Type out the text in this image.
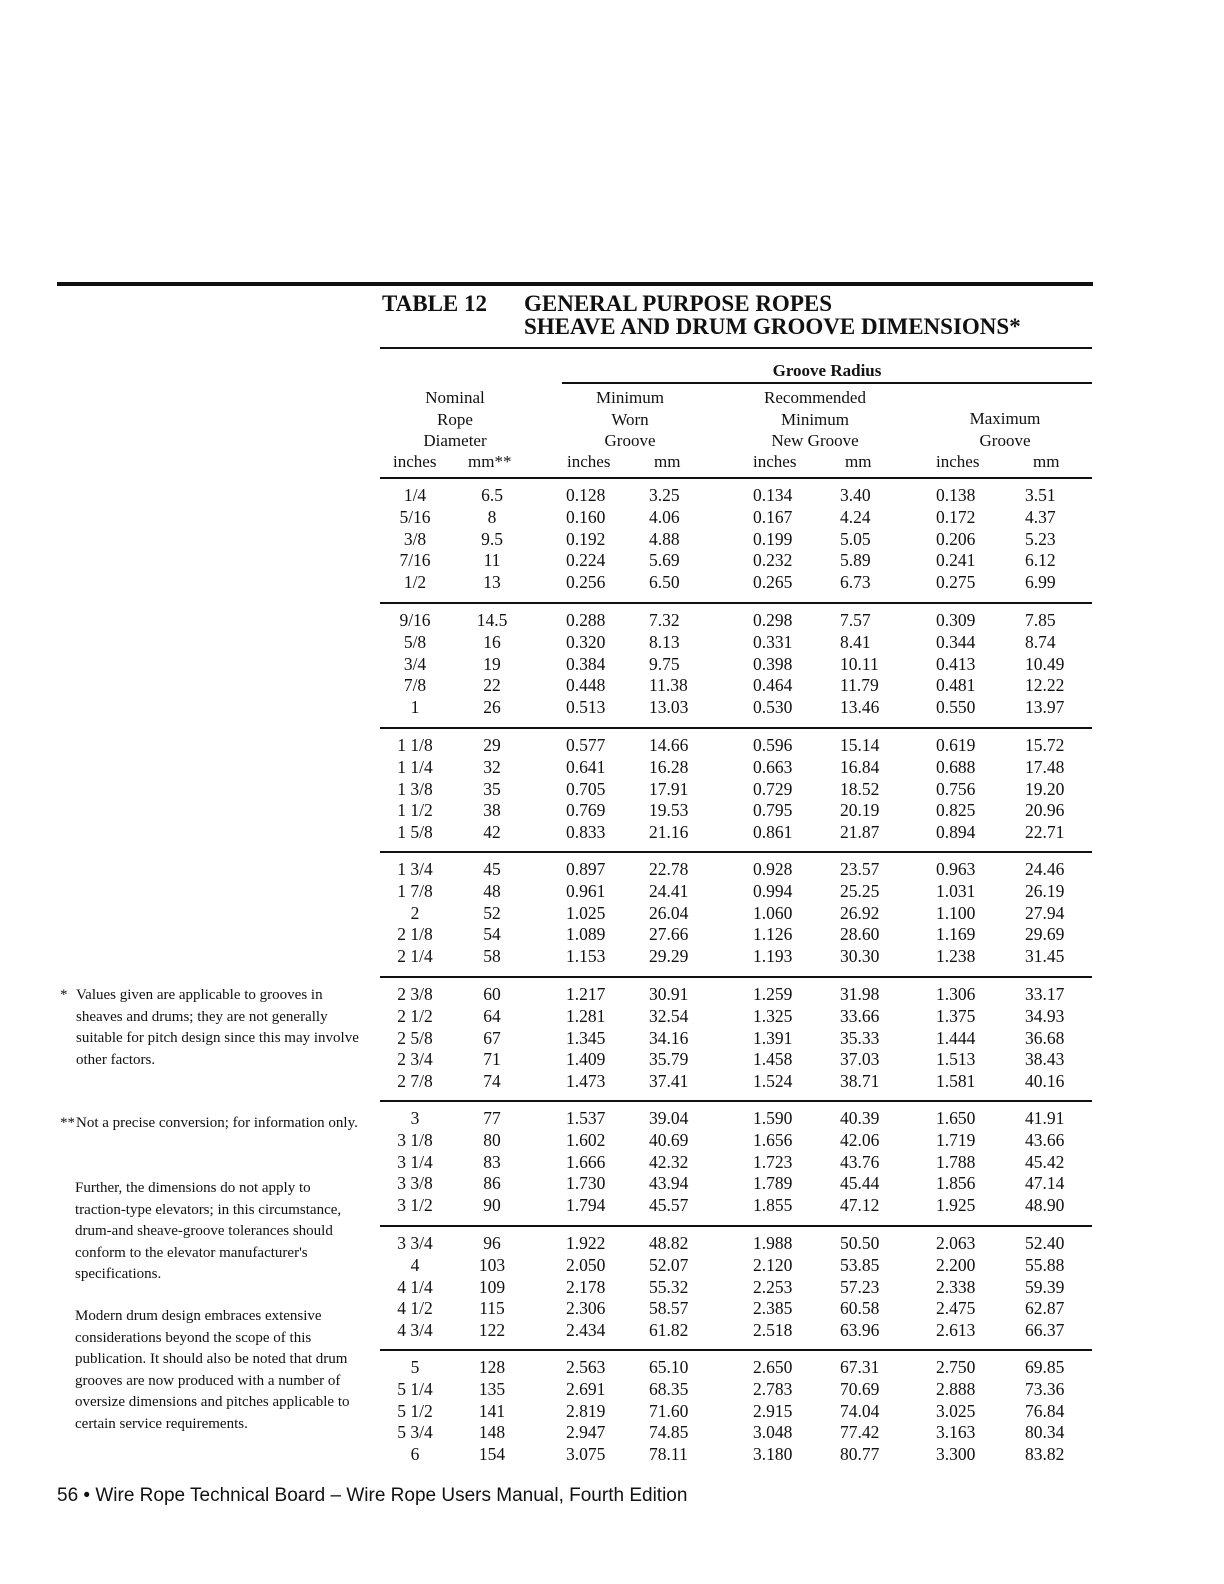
TABLE 12 GENERAL PURPOSE ROPES
SHEAVE AND DRUM GROOVE DIMENSIONS*
Groove Radius
Nominal
Rope
Diameter
Minimum
Worn
Groove
Recommended
Minimum
New Groove
Maximum
Groove
inches mm**	inches	mm	inches	mm	inches	mm
1/4	6.5	0.128	3.25	0.134	3.40	0.138	3.51
5/16	8	0.160	4.06	0.167	4.24	0.172	4.37
3/8	9.5	0.192	4.88	0.199	5.05	0.206	5.23
7/16	11	0.224	5.69	0.232	5.89	0.241	6.12
1/2	13	0.256	6.50	0.265	6.73	0.275	6.99
9/16	14.5	0.288	7.32	0.298	7.57	0.309	7.85
5/8	16	0.320	8.13	0.331	8.41	0.344	8.74
3/4	19	0.384	9.75	0.398	10.11	0.413	10.49
7/8	22	0.448	11.38	0.464	11.79	0.481	12.22
1	26	0.513	13.03	0.530	13.46	0.550	13.97
1 1/8	29	0.577	14.66	0.596	15.14	0.619	15.72
1 1/4	32	0.641	16.28	0.663	16.84	0.688	17.48
1 3/8	35	0.705	17.91	0.729	18.52	0.756	19.20
1 1/2	38	0.769	19.53	0.795	20.19	0.825	20.96
1 5/8	42	0.833	21.16	0.861	21.87	0.894	22.71
1 3/4	45	0.897	22.78	0.928	23.57	0.963	24.46
1 7/8	48	0.961	24.41	0.994	25.25	1.031	26.19
2	52	1.025	26.04	1.060	26.92	1.100	27.94
2 1/8	54	1.089	27.66	1.126	28.60	1.169	29.69
2 1/4	58	1.153	29.29	1.193	30.30	1.238	31.45
2 3/8	60	1.217	30.91	1.259	31.98	1.306	33.17
2 1/2	64	1.281	32.54	1.325	33.66	1.375	34.93
2 5/8	67	1.345	34.16	1.391	35.33	1.444	36.68
2 3/4	71	1.409	35.79	1.458	37.03	1.513	38.43
2 7/8	74	1.473	37.41	1.524	38.71	1.581	40.16
3	77	1.537	39.04	1.590	40.39	1.650	41.91
3 1/8	80	1.602	40.69	1.656	42.06	1.719	43.66
3 1/4	83	1.666	42.32	1.723	43.76	1.788	45.42
3 3/8	86	1.730	43.94	1.789	45.44	1.856	47.14
3 1/2	90	1.794	45.57	1.855	47.12	1.925	48.90
3 3/4	96	1.922	48.82	1.988	50.50	2.063	52.40
4	103	2.050	52.07	2.120	53.85	2.200	55.88
4 1/4	109	2.178	55.32	2.253	57.23	2.338	59.39
4 1/2	115	2.306	58.57	2.385	60.58	2.475	62.87
4 3/4	122	2.434	61.82	2.518	63.96	2.613	66.37
5	128	2.563	65.10	2.650	67.31	2.750	69.85
5 1/4	135	2.691	68.35	2.783	70.69	2.888	73.36
5 1/2	141	2.819	71.60	2.915	74.04	3.025	76.84
5 3/4	148	2.947	74.85	3.048	77.42	3.163	80.34
6	154	3.075	78.11	3.180	80.77	3.300	83.82
* Values given are applicable to grooves in sheaves and drums; they are not generally suitable for pitch design since this may involve other factors.
** Not a precise conversion; for information only.
Further, the dimensions do not apply to traction-type elevators; in this circumstance, drum-and sheave-groove tolerances should conform to the elevator manufacturer's specifications.
Modern drum design embraces extensive considerations beyond the scope of this publication. It should also be noted that drum grooves are now produced with a number of oversize dimensions and pitches applicable to certain service requirements.
56 • Wire Rope Technical Board – Wire Rope Users Manual, Fourth Edition
